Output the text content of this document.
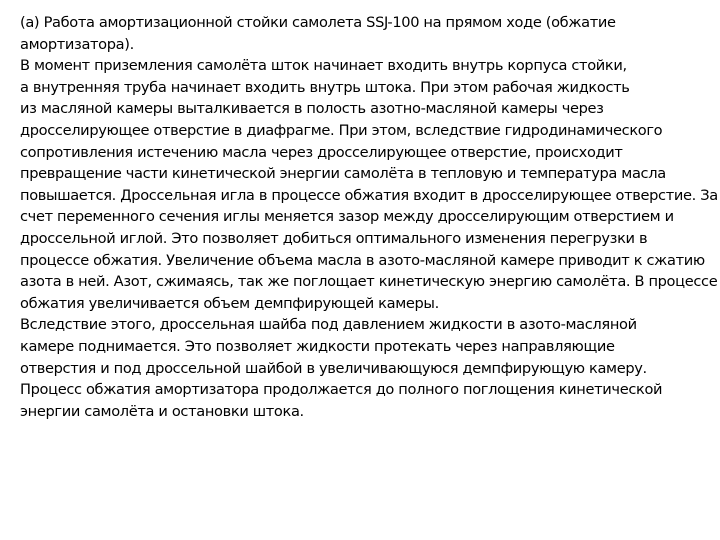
(а) Работа амортизационной стойки самолета SSJ-100 на прямом ходе (обжатие
амортизатора).
В момент приземления самолёта шток начинает входить внутрь корпуса стойки,
а внутренняя труба начинает входить внутрь штока. При этом рабочая жидкость
из масляной камеры выталкивается в полость азотно-масляной камеры через
дросселирующее отверстие в диафрагме. При этом, вследствие гидродинамического
сопротивления истечению масла через дросселирующее отверстие, происходит
превращение части кинетической энергии самолёта в тепловую и температура масла
повышается. Дроссельная игла в процессе обжатия входит в дросселирующее отверстие. За
счет переменного сечения иглы меняется зазор между дросселирующим отверстием и
дроссельной иглой. Это позволяет добиться оптимального изменения перегрузки в
процессе обжатия. Увеличение объема масла в азото-масляной камере приводит к сжатию
азота в ней. Азот, сжимаясь, так же поглощает кинетическую энергию самолёта. В процессе
обжатия увеличивается объем демпфирующей камеры.
Вследствие этого, дроссельная шайба под давлением жидкости в азото-масляной
камере поднимается. Это позволяет жидкости протекать через направляющие
отверстия и под дроссельной шайбой в увеличивающуюся демпфирующую камеру.
Процесс обжатия амортизатора продолжается до полного поглощения кинетической
энергии самолёта и остановки штока.
